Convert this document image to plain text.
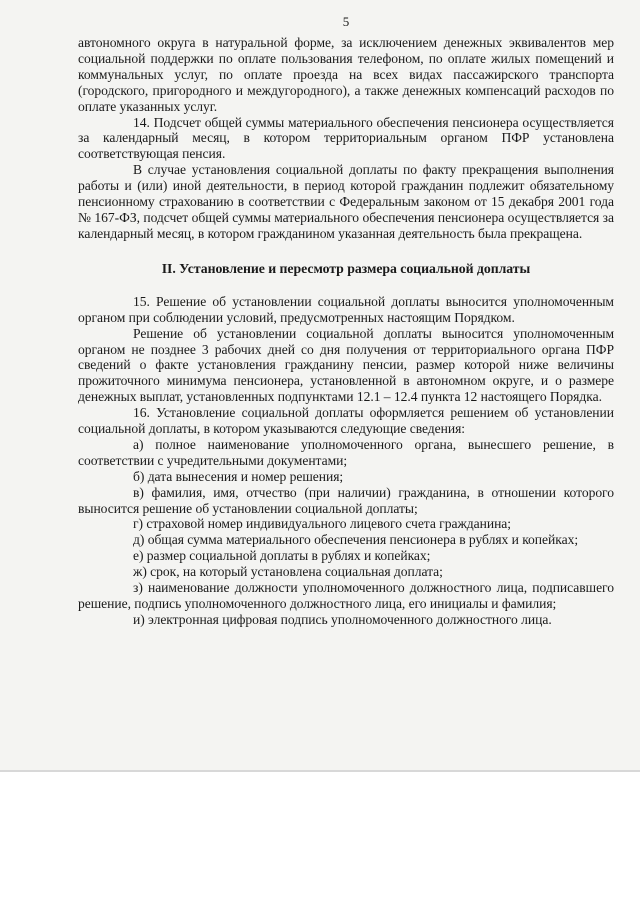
5

автономного округа в натуральной форме, за исключением денежных эквивалентов мер социальной поддержки по оплате пользования телефоном, по оплате жилых помещений и коммунальных услуг, по оплате проезда на всех видах пассажирского транспорта (городского, пригородного и междугородного), а также денежных компенсаций расходов по оплате указанных услуг.

14. Подсчет общей суммы материального обеспечения пенсионера осуществляется за календарный месяц, в котором территориальным органом ПФР установлена соответствующая пенсия.

В случае установления социальной доплаты по факту прекращения выполнения работы и (или) иной деятельности, в период которой гражданин подлежит обязательному пенсионному страхованию в соответствии с Федеральным законом от 15 декабря 2001 года № 167-ФЗ, подсчет общей суммы материального обеспечения пенсионера осуществляется за календарный месяц, в котором гражданином указанная деятельность была прекращена.

II. Установление и пересмотр размера социальной доплаты

15. Решение об установлении социальной доплаты выносится уполномоченным органом при соблюдении условий, предусмотренных настоящим Порядком.

Решение об установлении социальной доплаты выносится уполномоченным органом не позднее 3 рабочих дней со дня получения от территориального органа ПФР сведений о факте установления гражданину пенсии, размер которой ниже величины прожиточного минимума пенсионера, установленной в автономном округе, и о размере денежных выплат, установленных подпунктами 12.1 – 12.4 пункта 12 настоящего Порядка.

16. Установление социальной доплаты оформляется решением об установлении социальной доплаты, в котором указываются следующие сведения:

а) полное наименование уполномоченного органа, вынесшего решение, в соответствии с учредительными документами;

б) дата вынесения и номер решения;

в) фамилия, имя, отчество (при наличии) гражданина, в отношении которого выносится решение об установлении социальной доплаты;

г) страховой номер индивидуального лицевого счета гражданина;

д) общая сумма материального обеспечения пенсионера в рублях и копейках;

е) размер социальной доплаты в рублях и копейках;

ж) срок, на который установлена социальная доплата;

з) наименование должности уполномоченного должностного лица, подписавшего решение, подпись уполномоченного должностного лица, его инициалы и фамилия;

и) электронная цифровая подпись уполномоченного должностного лица.
